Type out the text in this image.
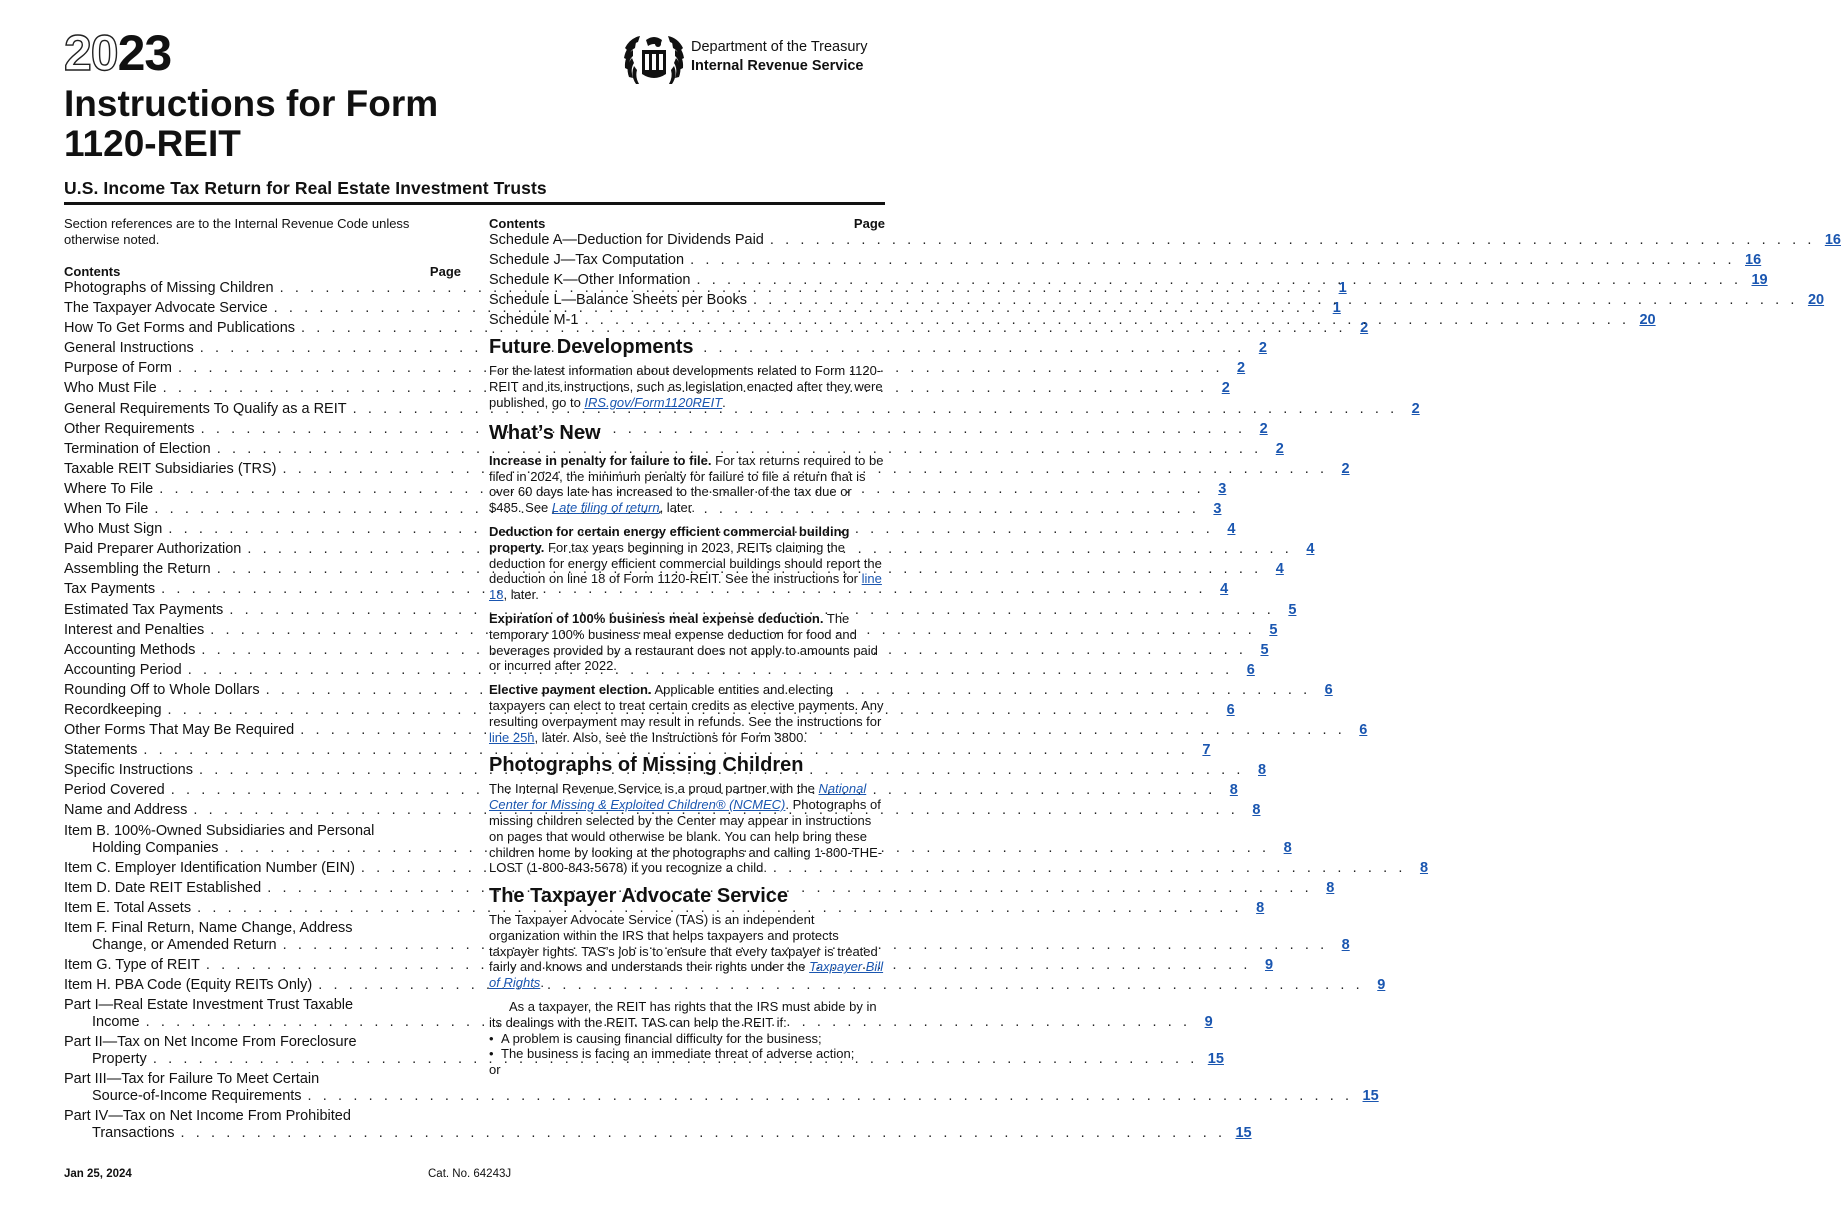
2023
Instructions for Form
1120-REIT
Department of the Treasury
Internal Revenue Service
U.S. Income Tax Return for Real Estate Investment Trusts

Section references are to the Internal Revenue Code unless otherwise noted.

Contents	Page
Photographs of Missing Children . . .	1
The Taxpayer Advocate Service . . .	1
How To Get Forms and Publications . . .	2
General Instructions . . .	2
Purpose of Form . . .	2
Who Must File . . .	2
General Requirements To Qualify as a REIT . . .	2
Other Requirements . . .	2
Termination of Election . . .	2
Taxable REIT Subsidiaries (TRS) . . .	2
Where To File . . .	3
When To File . . .	3
Who Must Sign . . .	4
Paid Preparer Authorization . . .	4
Assembling the Return . . .	4
Tax Payments . . .	4
Estimated Tax Payments . . .	5
Interest and Penalties . . .	5
Accounting Methods . . .	5
Accounting Period . . .	6
Rounding Off to Whole Dollars . . .	6
Recordkeeping . . .	6
Other Forms That May Be Required . . .	6
Statements . . .	7
Specific Instructions . . .	8
Period Covered . . .	8
Name and Address . . .	8
Item B. 100%-Owned Subsidiaries and Personal
Holding Companies . . .	8
Item C. Employer Identification Number (EIN) . . .	8
Item D. Date REIT Established . . .	8
Item E. Total Assets . . .	8
Item F. Final Return, Name Change, Address
Change, or Amended Return . . .	8
Item G. Type of REIT . . .	9
Item H. PBA Code (Equity REITs Only) . . .	9
Part I—Real Estate Investment Trust Taxable
Income . . .	9
Part II—Tax on Net Income From Foreclosure
Property . . .	15
Part III—Tax for Failure To Meet Certain
Source-of-Income Requirements . . .	15
Part IV—Tax on Net Income From Prohibited
Transactions . . .	15
Contents	Page
Schedule A—Deduction for Dividends Paid . . .	16
Schedule J—Tax Computation . . .	16
Schedule K—Other Information . . .	19
Schedule L—Balance Sheets per Books . . .	20
Schedule M-1 . . .	20
Future Developments

For the latest information about developments related to Form 1120-REIT and its instructions, such as legislation enacted after they were published, go to IRS.gov/Form1120REIT.

What’s New

Increase in penalty for failure to file. For tax returns required to be filed in 2024, the minimum penalty for failure to file a return that is over 60 days late has increased to the smaller of the tax due or $485. See Late filing of return, later.

Deduction for certain energy efficient commercial building property. For tax years beginning in 2023, REITs claiming the deduction for energy efficient commercial buildings should report the deduction on line 18 of Form 1120-REIT. See the instructions for line 18, later.

Expiration of 100% business meal expense deduction. The temporary 100% business meal expense deduction for food and beverages provided by a restaurant does not apply to amounts paid or incurred after 2022.

Elective payment election. Applicable entities and electing taxpayers can elect to treat certain credits as elective payments. Any resulting overpayment may result in refunds. See the instructions for line 25h, later. Also, see the Instructions for Form 3800.

Photographs of Missing Children

The Internal Revenue Service is a proud partner with the National Center for Missing & Exploited Children® (NCMEC). Photographs of missing children selected by the Center may appear in instructions on pages that would otherwise be blank. You can help bring these children home by looking at the photographs and calling 1-800-THE-LOST (1-800-843-5678) if you recognize a child.

The Taxpayer Advocate Service

The Taxpayer Advocate Service (TAS) is an independent organization within the IRS that helps taxpayers and protects taxpayer rights. TAS’s job is to ensure that every taxpayer is treated fairly and knows and understands their rights under the Taxpayer Bill of Rights.

As a taxpayer, the REIT has rights that the IRS must abide by in its dealings with the REIT. TAS can help the REIT if:

• A problem is causing financial difficulty for the business;
• The business is facing an immediate threat of adverse action;
or
Jan 25, 2024	Cat. No. 64243J
